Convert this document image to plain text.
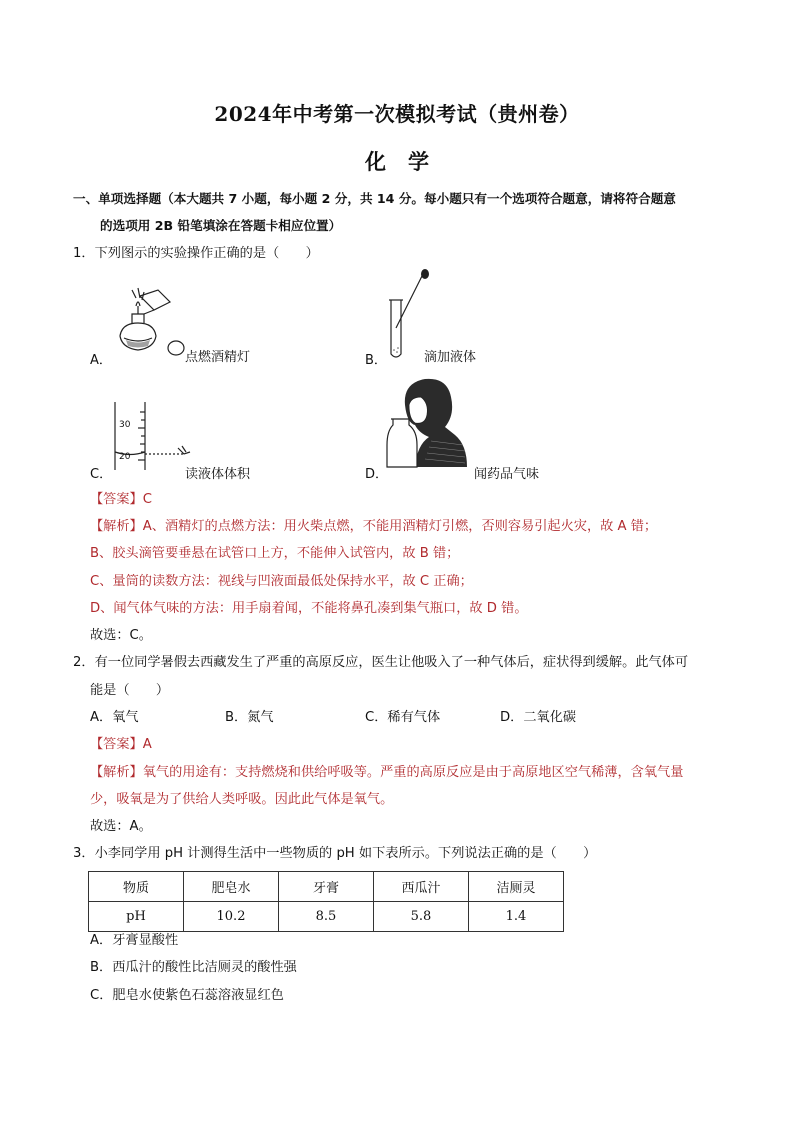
2024年中考第一次模拟考试（贵州卷）
化学
一、单项选择题（本大题共 7 小题，每小题 2 分，共 14 分。每小题只有一个选项符合题意，请将符合题意
的选项用 2B 铅笔填涂在答题卡相应位置）
1．下列图示的实验操作正确的是（　　）
A．	点燃酒精灯	B．	滴加液体
30
20
C．	读液体体积	D．	闻药品气味
【答案】C
【解析】A、酒精灯的点燃方法：用火柴点燃，不能用酒精灯引燃，否则容易引起火灾，故 A 错；
B、胶头滴管要垂悬在试管口上方，不能伸入试管内，故 B 错；
C、量筒的读数方法：视线与凹液面最低处保持水平，故 C 正确；
D、闻气体气味的方法：用手扇着闻，不能将鼻孔凑到集气瓶口，故 D 错。
故选：C。
2．有一位同学暑假去西藏发生了严重的高原反应，医生让他吸入了一种气体后，症状得到缓解。此气体可
能是（　　）
A．氧气	B．氮气	C．稀有气体	D．二氧化碳
【答案】A
【解析】氧气的用途有：支持燃烧和供给呼吸等。严重的高原反应是由于高原地区空气稀薄，含氧气量
少，吸氧是为了供给人类呼吸。因此此气体是氧气。
故选：A。
3．小李同学用 pH 计测得生活中一些物质的 pH 如下表所示。下列说法正确的是（　　）
物质	肥皂水	牙膏	西瓜汁	洁厕灵
pH	10.2	8.5	5.8	1.4
A．牙膏显酸性
B．西瓜汁的酸性比洁厕灵的酸性强
C．肥皂水使紫色石蕊溶液显红色
